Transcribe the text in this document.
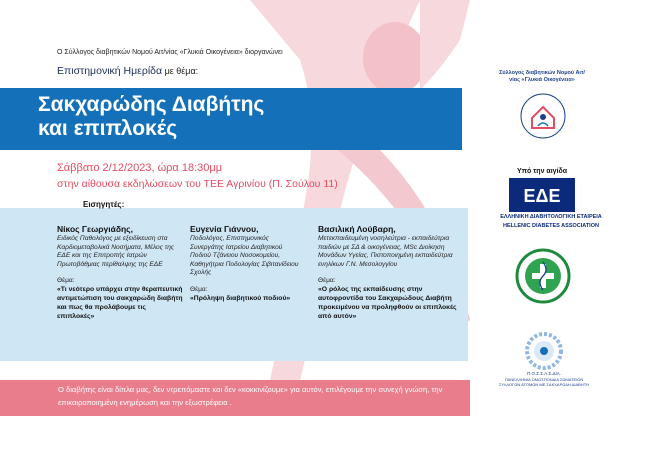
Ο Σύλλογος διαβητικών Νομού Αιτ/νίας «Γλυκιά Οικογένεια» διοργανώνει
Επιστημονική Ημερίδα με θέμα:
Σακχαρώδης Διαβήτης
και επιπλοκές
Σάββατο 2/12/2023, ώρα 18:30μμ
στην αίθουσα εκδηλώσεων του ΤΕΕ Αγρινίου (Π. Σούλου 11)
Εισηγητές:
Νίκος Γεωργιάδης,
Ειδικός Παθολόγος με εξειδίκευση στα Καρδιομεταβολικά Νοσήματα, Μέλος της ΕΔΕ και της Επιτροπής Ιατρών Πρωτοβάθμιας περίθαλψης της ΕΔΕ
Θέμα:
«Τι νεότερο υπάρχει στην θεραπευτική αντιμετώπιση του σακχαρώδη διαβήτη και πως θα προλάβουμε τις επιπλοκές»
Ευγενία Γιάννου,
Ποδολόγος, Επιστημονικός Συνεργάτης Ιατρείου Διαβητικού Ποδιού Τζάνειου Νοσοκομείου, Καθηγήτρια Ποδολογίας Σιβιτανίδειου Σχολής
Θέμα:
«Πρόληψη διαβητικού ποδιού»
Βασιλική Λούβαρη,
Μετεκπαιδευμένη νοσηλεύτρια - εκπαιδεύτρια παιδιών με ΣΔ & οικογένειας, MSc Διοίκηση Μονάδων Υγείας, Πιστοποιημένη εκπαιδεύτρια ενηλίκων Γ.Ν. Μεσολογγίου
Θέμα:
«Ο ρόλος της εκπαίδευσης στην αυτοφροντίδα του Σακχαρώδους Διαβήτη προκειμένου να προληφθούν οι επιπλοκές από αυτόν»
Ο διαβήτης είναι δίπλα μας, δεν ντρεπόμαστε και δεν «κοκκινίζουμε» για αυτόν, επιλέγουμε την συνεχή γνώση, την επικαιροποιημένη ενημέρωση και την εξωστρέφεια .
Σύλλογος διαβητικών Νομού Αιτ/νίας «Γλυκιά Οικογένεια»
Υπό την αιγίδα
ΕΔΕ
ΕΛΛΗΝΙΚΗ ΔΙΑΒΗΤΟΛΟΓΙΚΗ ΕΤΑΙΡΕΙΑ
HELLENIC DIABETES ASSOCIATION
Π.Ο.Σ.Σ.Α.Σ.ΔΙΑ.
ΠΑΝΕΛΛΗΝΙΑ ΟΜΟΣΠΟΝΔΙΑ ΣΩΜΑΤΕΙΩΝ ΣΥΛΛΟΓΩΝ ΑΤΟΜΩΝ ΜΕ ΣΑΚΧΑΡΩΔΗ ΔΙΑΒΗΤΗ
